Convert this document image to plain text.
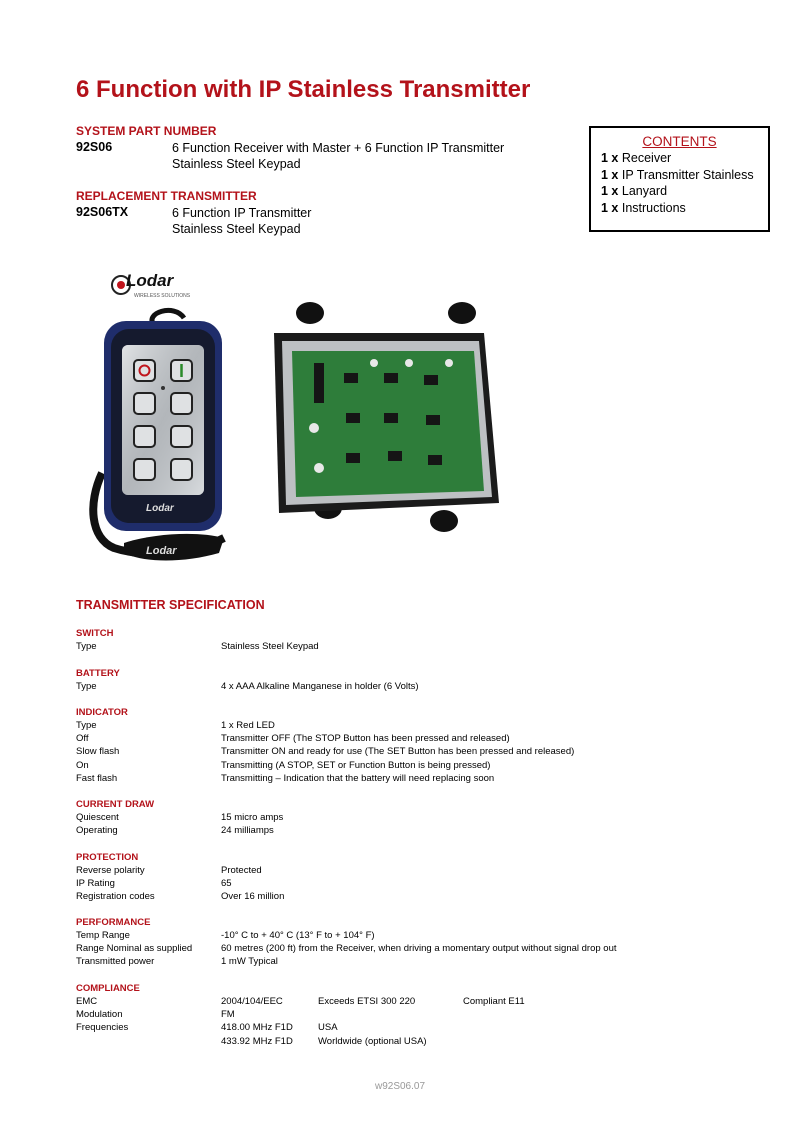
6 Function with IP Stainless Transmitter
SYSTEM PART NUMBER
92S06	6 Function Receiver with Master + 6 Function IP Transmitter
Stainless Steel Keypad
REPLACEMENT TRANSMITTER
92S06TX	6 Function IP Transmitter
Stainless Steel Keypad
CONTENTS
1 x Receiver
1 x IP Transmitter Stainless
1 x Lanyard
1 x Instructions
Lodar
WIRELESS SOLUTIONS
Lodar
Lodar
TRANSMITTER SPECIFICATION
SWITCH
Type	Stainless Steel Keypad
BATTERY
Type	4 x AAA Alkaline Manganese in holder (6 Volts)
INDICATOR
Type	1 x Red LED
Off	Transmitter OFF (The STOP Button has been pressed and released)
Slow flash	Transmitter ON and ready for use (The SET Button has been pressed and released)
On	Transmitting (A STOP, SET or Function Button is being pressed)
Fast flash	Transmitting – Indication that the battery will need replacing soon
CURRENT DRAW
Quiescent	15 micro amps
Operating	24 milliamps
PROTECTION
Reverse polarity	Protected
IP Rating	65
Registration codes	Over 16 million
PERFORMANCE
Temp Range	-10° C to + 40° C (13° F to + 104° F)
Range Nominal as supplied	60 metres (200 ft) from the Receiver, when driving a momentary output without signal drop out
Transmitted power	1 mW Typical
COMPLIANCE
EMC	2004/104/EEC	Exceeds ETSI 300 220	Compliant E11
Modulation	FM
Frequencies	418.00 MHz F1D	USA
433.92 MHz F1D	Worldwide (optional USA)
w92S06.07
